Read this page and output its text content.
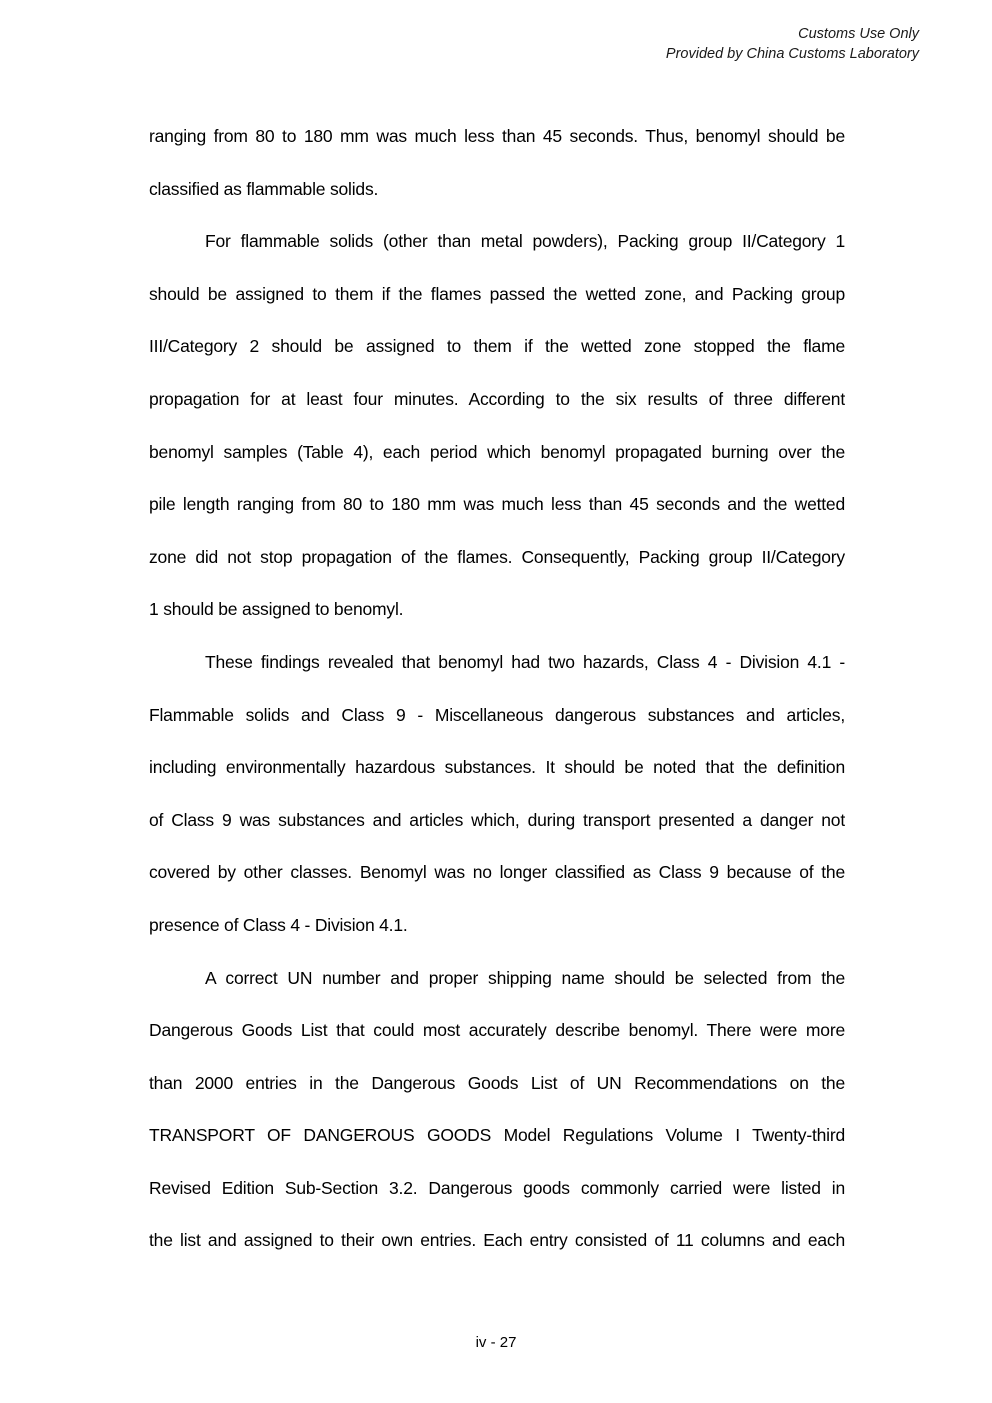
Customs Use Only
Provided by China Customs Laboratory
ranging from 80 to 180 mm was much less than 45 seconds. Thus, benomyl should be
classified as flammable solids.
For flammable solids (other than metal powders), Packing group II/Category 1
should be assigned to them if the flames passed the wetted zone, and Packing group
III/Category 2 should be assigned to them if the wetted zone stopped the flame
propagation for at least four minutes. According to the six results of three different
benomyl samples (Table 4), each period which benomyl propagated burning over the
pile length ranging from 80 to 180 mm was much less than 45 seconds and the wetted
zone did not stop propagation of the flames. Consequently, Packing group II/Category
1 should be assigned to benomyl.
These findings revealed that benomyl had two hazards, Class 4 - Division 4.1 -
Flammable solids and Class 9 - Miscellaneous dangerous substances and articles,
including environmentally hazardous substances. It should be noted that the definition
of Class 9 was substances and articles which, during transport presented a danger not
covered by other classes. Benomyl was no longer classified as Class 9 because of the
presence of Class 4 - Division 4.1.
A correct UN number and proper shipping name should be selected from the
Dangerous Goods List that could most accurately describe benomyl. There were more
than 2000 entries in the Dangerous Goods List of UN Recommendations on the
TRANSPORT OF DANGEROUS GOODS Model Regulations Volume I Twenty-third
Revised Edition Sub-Section 3.2. Dangerous goods commonly carried were listed in
the list and assigned to their own entries. Each entry consisted of 11 columns and each
iv - 27
